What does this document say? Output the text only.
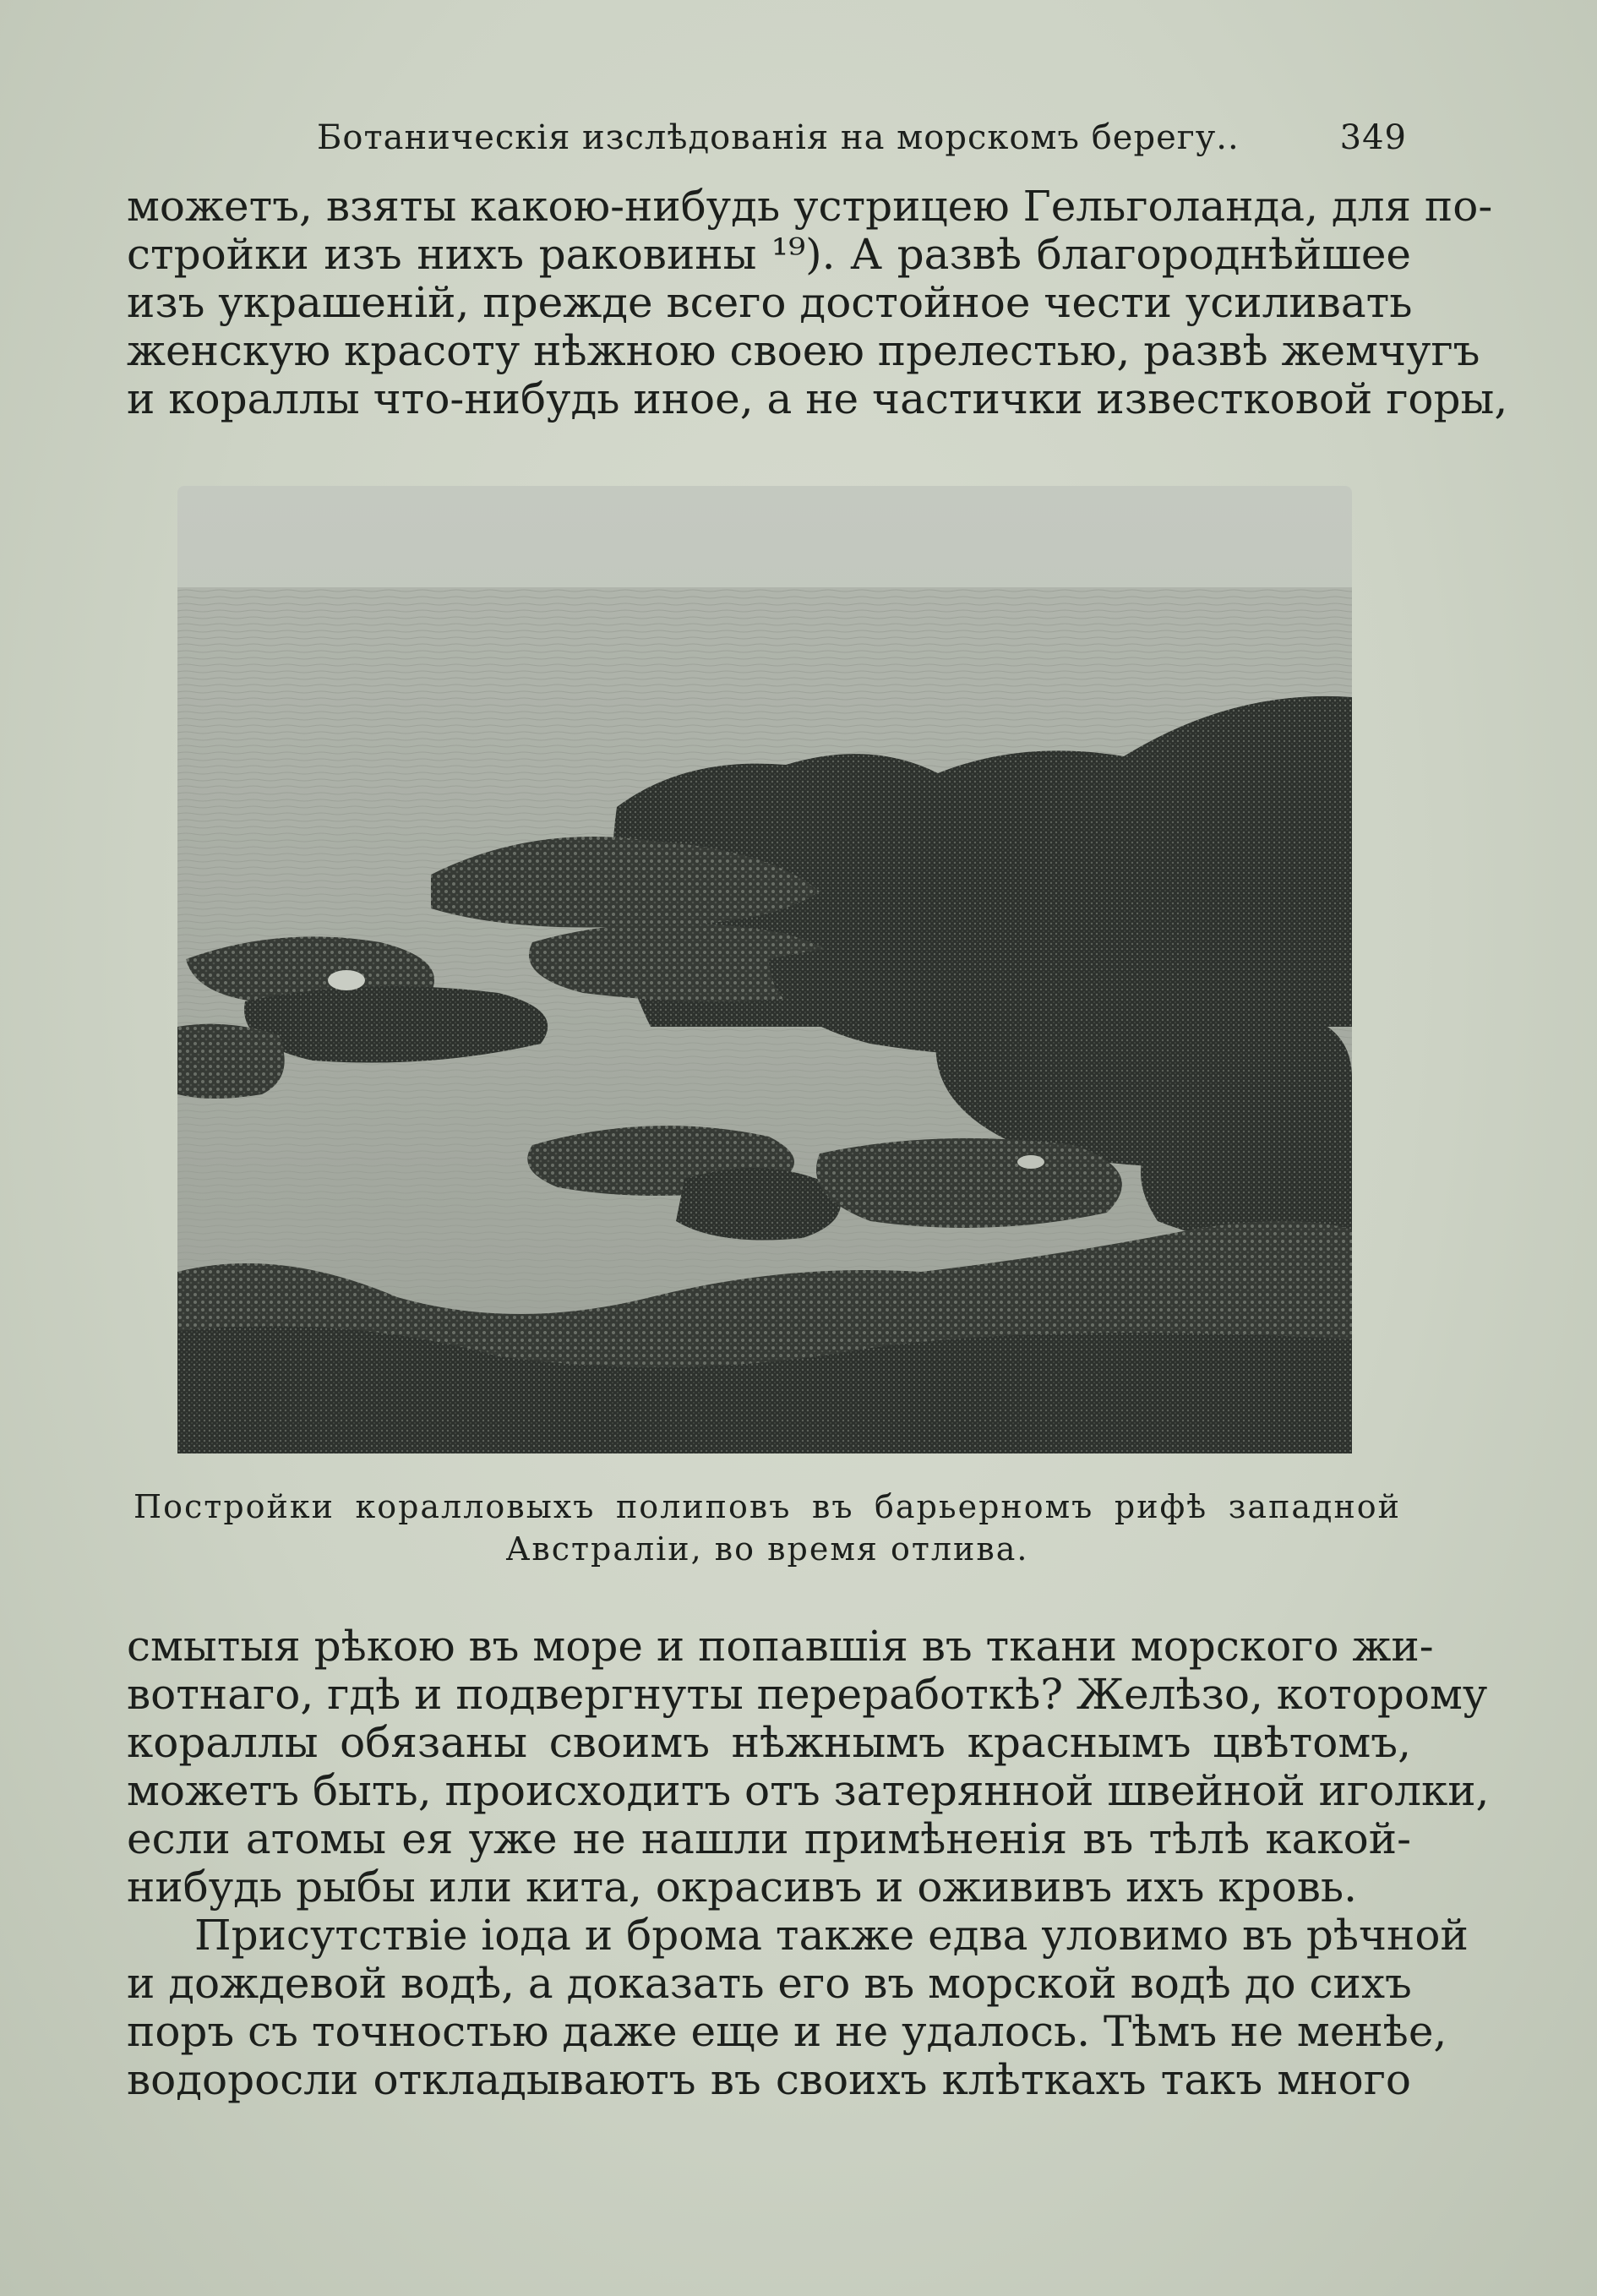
Ботаническія изслѣдованія на морскомъ берегу..	349
можетъ, взяты какою-нибудь устрицею Гельголанда, для по-
стройки изъ нихъ раковины ¹⁹). А развѣ благороднѣйшее
изъ украшеній, прежде всего достойное чести усиливать
женскую красоту нѣжною своею прелестью, развѣ жемчугъ
и кораллы что-нибудь иное, а не частички известковой горы,
Постройки коралловыхъ полиповъ въ барьерномъ рифѣ западной
Австраліи, во время отлива.
смытыя рѣкою въ море и попавшія въ ткани морского жи-
вотнаго, гдѣ и подвергнуты переработкѣ? Желѣзо, которому
кораллы обязаны своимъ нѣжнымъ краснымъ цвѣтомъ,
можетъ быть, происходитъ отъ затерянной швейной иголки,
если атомы ея уже не нашли примѣненія въ тѣлѣ какой-
нибудь рыбы или кита, окрасивъ и ожививъ ихъ кровь.
Присутствіе іода и брома также едва уловимо въ рѣчной
и дождевой водѣ, а доказать его въ морской водѣ до сихъ
поръ съ точностью даже еще и не удалось. Тѣмъ не менѣе,
водоросли откладываютъ въ своихъ клѣткахъ такъ много
